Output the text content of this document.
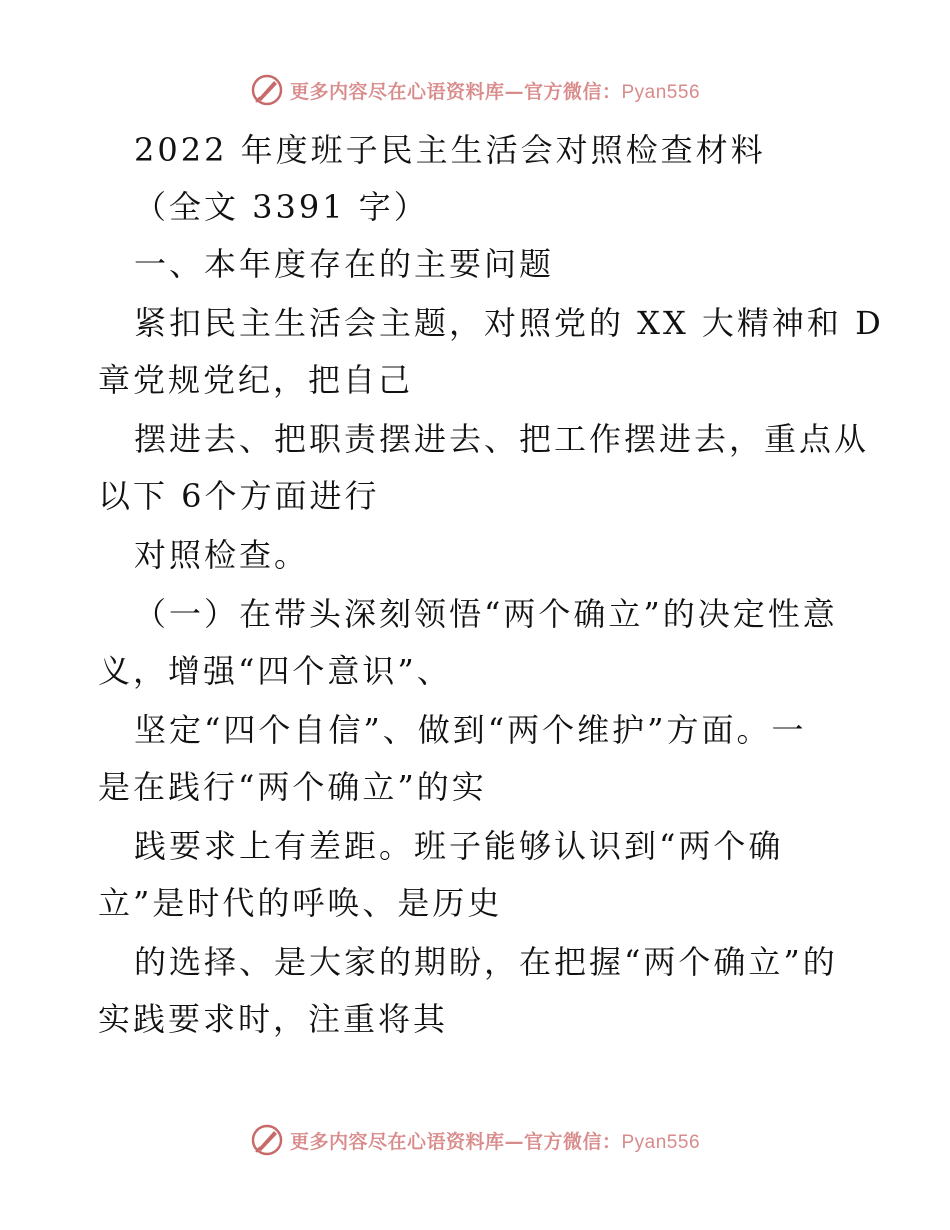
更多内容尽在心语资料库—官方微信：Pyan556
2022 年度班子民主生活会对照检查材料
（全文 3391 字）
一、本年度存在的主要问题
紧扣民主生活会主题，对照党的 XX 大精神和 D
章党规党纪，把自己
摆进去、把职责摆进去、把工作摆进去，重点从
以下 6个方面进行
对照检查。
（一）在带头深刻领悟“两个确立”的决定性意
义，增强“四个意识”、
坚定“四个自信”、做到“两个维护”方面。一
是在践行“两个确立”的实
践要求上有差距。班子能够认识到“两个确
立”是时代的呼唤、是历史
的选择、是大家的期盼，在把握“两个确立”的
实践要求时，注重将其
更多内容尽在心语资料库—官方微信：Pyan556
